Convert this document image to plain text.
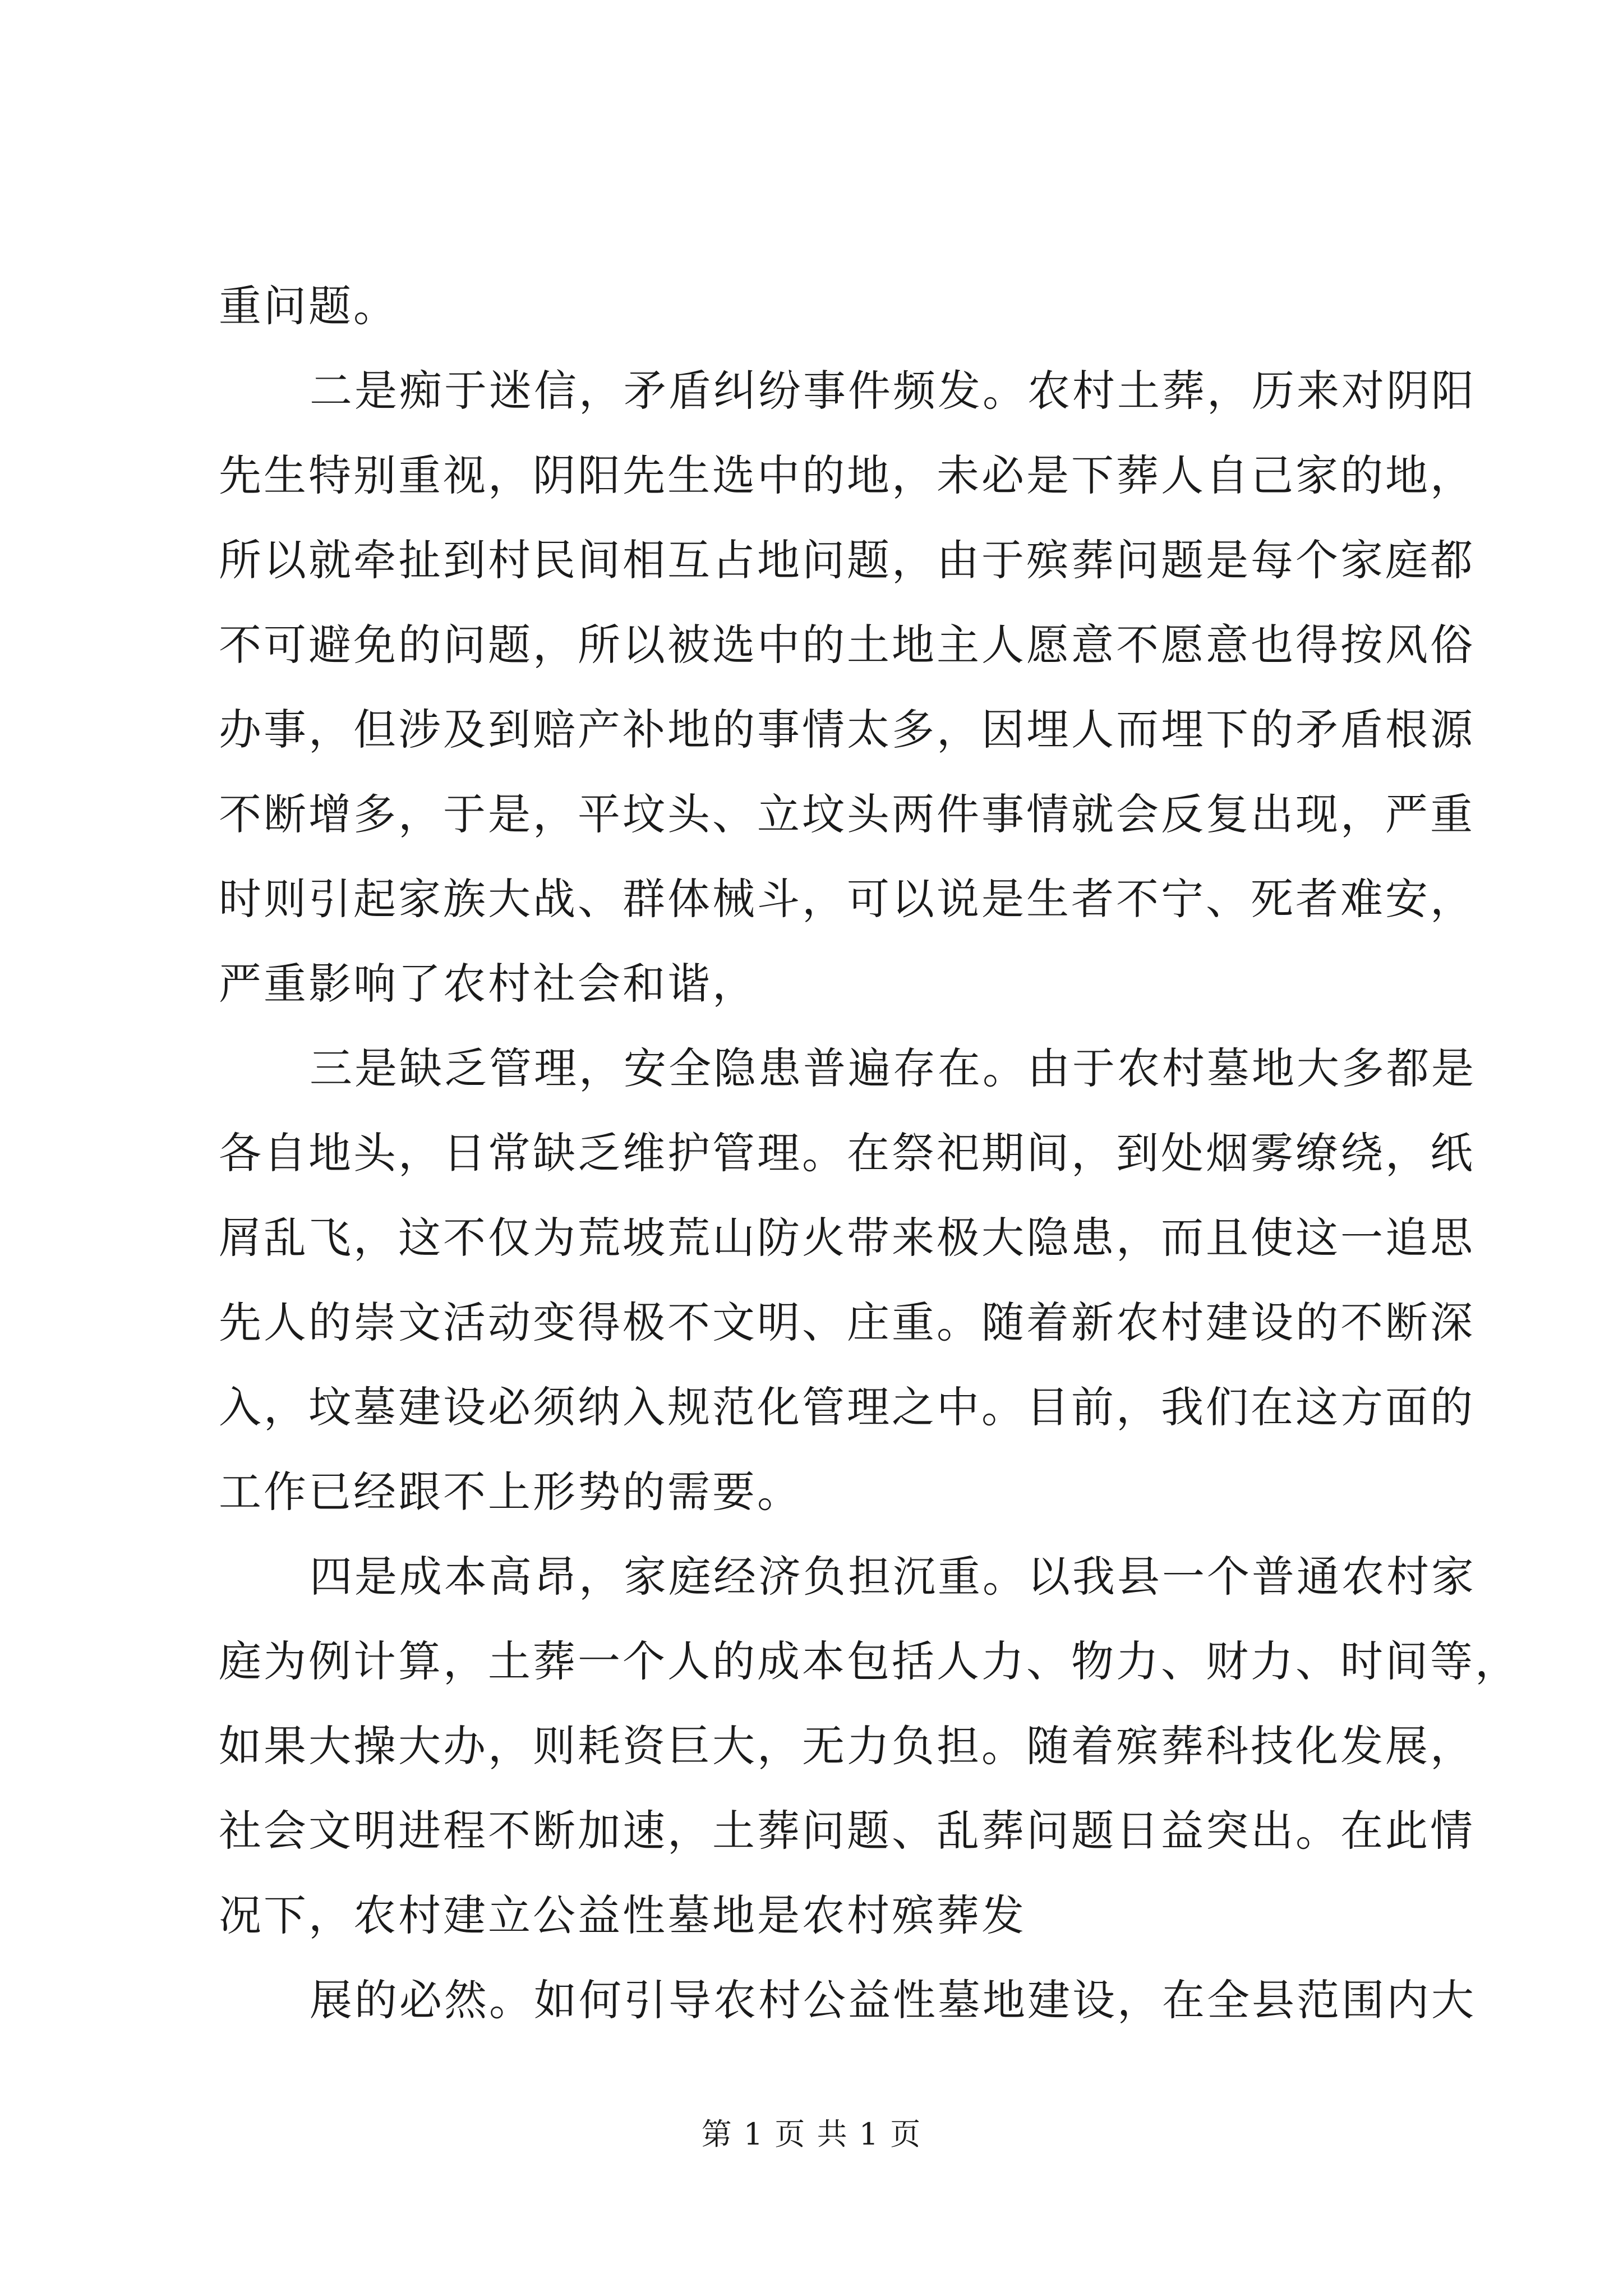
重问题。
二是痴于迷信，矛盾纠纷事件频发。农村土葬，历来对阴阳
先生特别重视，阴阳先生选中的地，未必是下葬人自己家的地，
所以就牵扯到村民间相互占地问题，由于殡葬问题是每个家庭都
不可避免的问题，所以被选中的土地主人愿意不愿意也得按风俗
办事，但涉及到赔产补地的事情太多，因埋人而埋下的矛盾根源
不断增多，于是，平坟头、立坟头两件事情就会反复出现，严重
时则引起家族大战、群体械斗，可以说是生者不宁、死者难安，
严重影响了农村社会和谐，
三是缺乏管理，安全隐患普遍存在。由于农村墓地大多都是
各自地头，日常缺乏维护管理。在祭祀期间，到处烟雾缭绕，纸
屑乱飞，这不仅为荒坡荒山防火带来极大隐患，而且使这一追思
先人的崇文活动变得极不文明、庄重。随着新农村建设的不断深
入，坟墓建设必须纳入规范化管理之中。目前，我们在这方面的
工作已经跟不上形势的需要。
四是成本高昂，家庭经济负担沉重。以我县一个普通农村家
庭为例计算，土葬一个人的成本包括人力、物力、财力、时间等，
如果大操大办，则耗资巨大，无力负担。随着殡葬科技化发展，
社会文明进程不断加速，土葬问题、乱葬问题日益突出。在此情
况下，农村建立公益性墓地是农村殡葬发
展的必然。如何引导农村公益性墓地建设，在全县范围内大
第 1 页 共 1 页
